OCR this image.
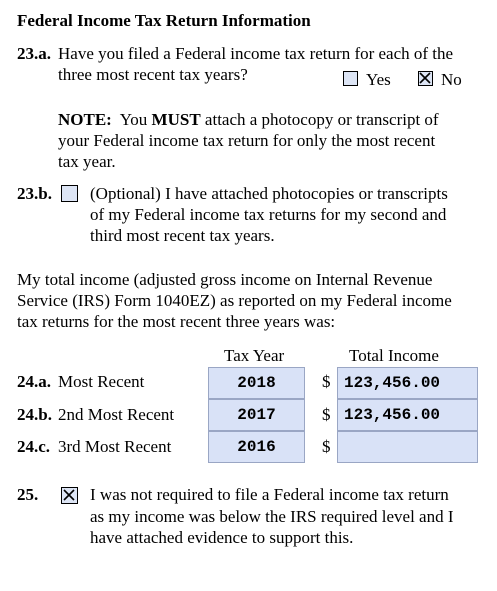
Federal Income Tax Return Information
23.a. Have you filed a Federal income tax return for each of the
three most recent tax years?	Yes	No
NOTE: You MUST attach a photocopy or transcript of
your Federal income tax return for only the most recent
tax year.
23.b. (Optional) I have attached photocopies or transcripts
of my Federal income tax returns for my second and
third most recent tax years.
My total income (adjusted gross income on Internal Revenue
Service (IRS) Form 1040EZ) as reported on my Federal income
tax returns for the most recent three years was:
Tax Year	Total Income
24.a. Most Recent	2018	$ 123,456.00
24.b. 2nd Most Recent	2017	$ 123,456.00
24.c. 3rd Most Recent	2016	$
25.	I was not required to file a Federal income tax return
as my income was below the IRS required level and I
have attached evidence to support this.
